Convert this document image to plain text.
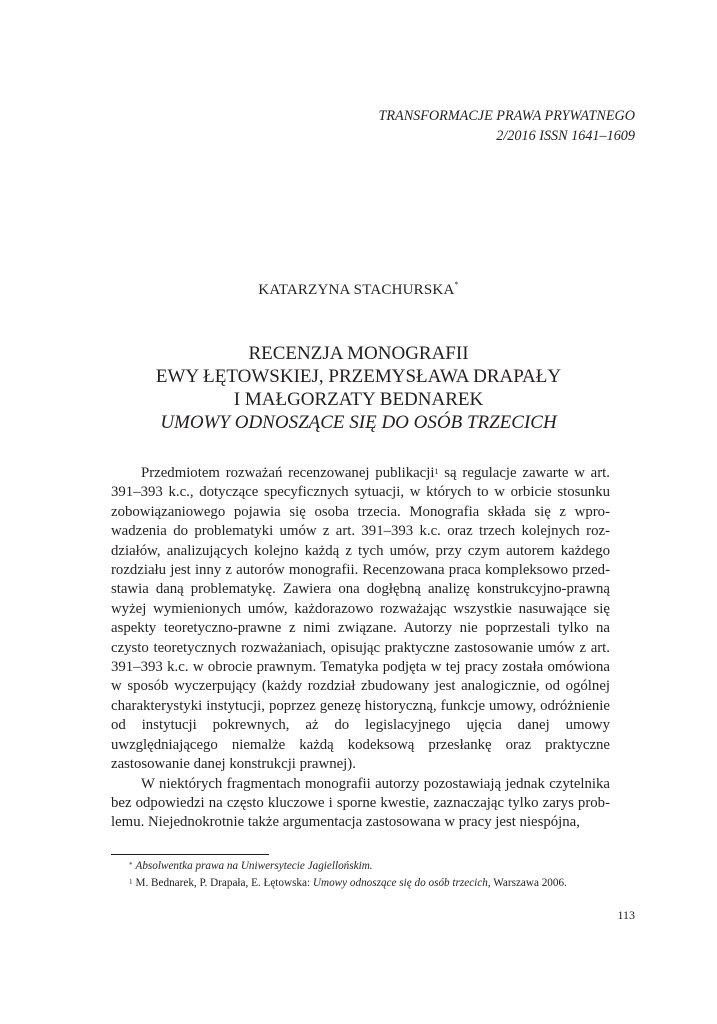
TRANSFORMACJE PRAWA PRYWATNEGO
2/2016 ISSN 1641–1609
KATARZYNA STACHURSKA*
RECENZJA MONOGRAFII
EWY ŁĘTOWSKIEJ, PRZEMYSŁAWA DRAPAŁY
I MAŁGORZATY BEDNAREK
UMOWY ODNOSZĄCE SIĘ DO OSÓB TRZECICH

Przedmiotem rozważań recenzowanej publikacji$^1$ są regulacje zawarte w art. 391–393 k.c., dotyczące specyficznych sytuacji, w których to w orbicie stosunku zobowiązaniowego pojawia się osoba trzecia. Monografia składa się z wprowadzenia do problematyki umów z art. 391–393 k.c. oraz trzech kolejnych rozdziałów, analizujących kolejno każdą z tych umów, przy czym autorem każdego rozdziału jest inny z autorów monografii. Recenzowana praca kompleksowo przedstawia daną problematykę. Zawiera ona dogłębną analizę konstrukcyjno-prawną wyżej wymienionych umów, każdorazowo rozważając wszystkie nasuwające się aspekty teoretyczno-prawne z nimi związane. Autorzy nie poprzestali tylko na czysto teoretycznych rozważaniach, opisując praktyczne zastosowanie umów z art. 391–393 k.c. w obrocie prawnym. Tematyka podjęta w tej pracy została omówiona w sposób wyczerpujący (każdy rozdział zbudowany jest analogicznie, od ogólnej charakterystyki instytucji, poprzez genezę historyczną, funkcje umowy, odróżnienie od instytucji pokrewnych, aż do legislacyjnego ujęcia danej umowy uwzględniającego niemalże każdą kodeksową przesłankę oraz praktyczne zastosowanie danej konstrukcji prawnej).

W niektórych fragmentach monografii autorzy pozostawiają jednak czytelnika bez odpowiedzi na często kluczowe i sporne kwestie, zaznaczając tylko zarys problemu. Niejednokrotnie także argumentacja zastosowana w pracy jest niespójna,

* Absolwentka prawa na Uniwersytecie Jagiellońskim.
$^1$ M. Bednarek, P. Drapała, E. Łętowska: Umowy odnoszące się do osób trzecich, Warszawa 2006.
113
